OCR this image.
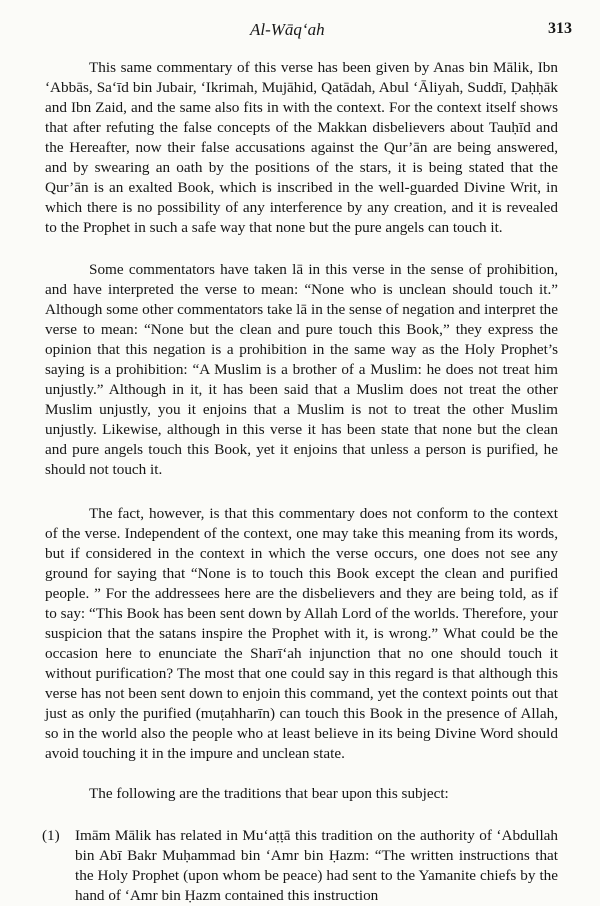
Al-Wāq‘ah	313

This same commentary of this verse has been given by Anas bin Mālik, Ibn ‘Abbās, Sa‘īd bin Jubair, ‘Ikrimah, Mujāhid, Qatādah, Abul ‘Āliyah, Suddī, Ḍaḥḥāk and Ibn Zaid, and the same also fits in with the context. For the context itself shows that after refuting the false concepts of the Makkan disbelievers about Tauḥīd and the Hereafter, now their false accusations against the Qur’ān are being answered, and by swearing an oath by the positions of the stars, it is being stated that the Qur’ān is an exalted Book, which is inscribed in the well-guarded Divine Writ, in which there is no possibility of any interference by any creation, and it is revealed to the Prophet in such a safe way that none but the pure angels can touch it.

Some commentators have taken lā in this verse in the sense of prohibition, and have interpreted the verse to mean: “None who is unclean should touch it.” Although some other commentators take lā in the sense of negation and interpret the verse to mean: “None but the clean and pure touch this Book,” they express the opinion that this negation is a prohibition in the same way as the Holy Prophet’s saying is a prohibition: “A Muslim is a brother of a Muslim: he does not treat him unjustly.” Although in it, it has been said that a Muslim does not treat the other Muslim unjustly, you it enjoins that a Muslim is not to treat the other Muslim unjustly. Likewise, although in this verse it has been state that none but the clean and pure angels touch this Book, yet it enjoins that unless a person is purified, he should not touch it.

The fact, however, is that this commentary does not conform to the context of the verse. Independent of the context, one may take this meaning from its words, but if considered in the context in which the verse occurs, one does not see any ground for saying that “None is to touch this Book except the clean and purified people. ” For the addressees here are the disbelievers and they are being told, as if to say: “This Book has been sent down by Allah Lord of the worlds. Therefore, your suspicion that the satans inspire the Prophet with it, is wrong.” What could be the occasion here to enunciate the Sharī‘ah injunction that no one should touch it without purification? The most that one could say in this regard is that although this verse has not been sent down to enjoin this command, yet the context points out that just as only the purified (muṭahharīn) can touch this Book in the presence of Allah, so in the world also the people who at least believe in its being Divine Word should avoid touching it in the impure and unclean state.

The following are the traditions that bear upon this subject:

(1)	Imām Mālik has related in Mu‘aṭṭā this tradition on the authority of ‘Abdullah bin Abī Bakr Muḥammad bin ‘Amr bin Ḥazm: “The written instructions that the Holy Prophet (upon whom be peace) had sent to the Yamanite chiefs by the hand of ‘Amr bin Ḥazm contained this instruction
